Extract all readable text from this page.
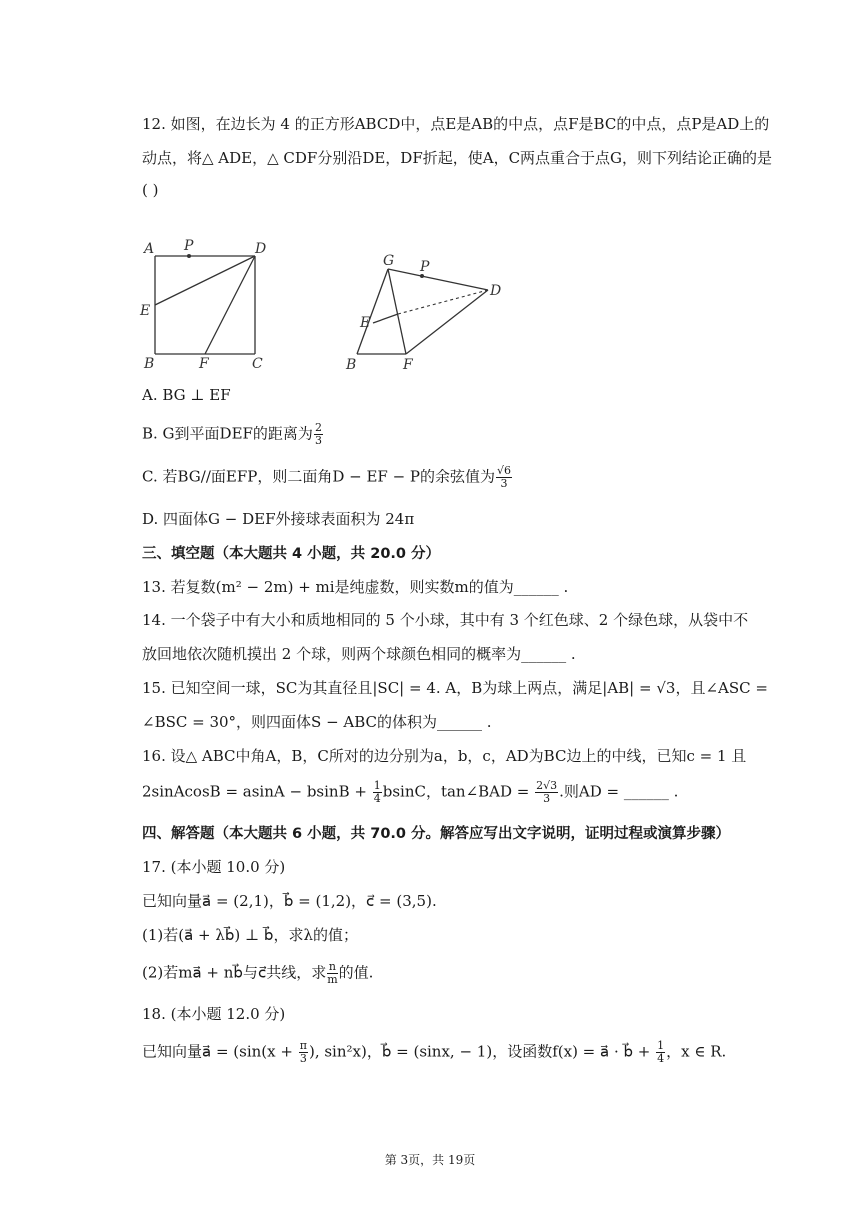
12. 如图，在边长为 4 的正方形ABCD中，点E是AB的中点，点F是BC的中点，点P是AD上的
动点，将△ ADE，△ CDF分别沿DE，DF折起，使A，C两点重合于点G，则下列结论正确的是
( )
A P	D
E
B	F	C
G P
D
E
B	F
A. BG ⊥ EF
B. G到平面DEF的距离为 $\frac{2}{3}$
C. 若BG//面EFP，则二面角D − EF − P的余弦值为 $\frac{√6}{3}$
D. 四面体G − DEF外接球表面积为 24π
三、填空题（本大题共 4 小题，共 20.0 分）
13. 若复数(m² − 2m) + mi是纯虚数，则实数m的值为______ .
14. 一个袋子中有大小和质地相同的 5 个小球，其中有 3 个红色球、2 个绿色球，从袋中不
放回地依次随机摸出 2 个球，则两个球颜色相同的概率为______ .
15. 已知空间一球，SC为其直径且|SC| = 4. A，B为球上两点，满足|AB| = √3，且∠ASC =
∠BSC = 30°，则四面体S − ABC的体积为______ .
16. 设△ ABC中角A，B，C所对的边分别为a，b，c，AD为BC边上的中线，已知c = 1 且
2sinAcosB = $asinA - bsinB + \frac{1}{4}$ bsinC，tan∠BAD = $\frac{2√3}{3}$ .则AD = ______ .
四、解答题（本大题共 6 小题，共 70.0 分。解答应写出文字说明，证明过程或演算步骤）
17. (本小题 10.0 分)
已知向量a⃗ = (2,1)，b⃗ = (1,2)，c⃗ = (3,5).
(1)若(a⃗ + λb⃗) ⊥ b⃗，求λ的值；
(2)若ma⃗ + nb⃗与c⃗共线，求 $\frac{n}{m}$ 的值.
18. (本小题 12.0 分)
已知向量a⃗ = ($\sin(x + \frac{\pi}{3}$ ), sin²x)，b⃗ = (sinx, − 1)，设函数f(x) = a⃗ · b⃗ + $\frac{1}{4}$ ，x ∈ R.
第 3页，共 19页
